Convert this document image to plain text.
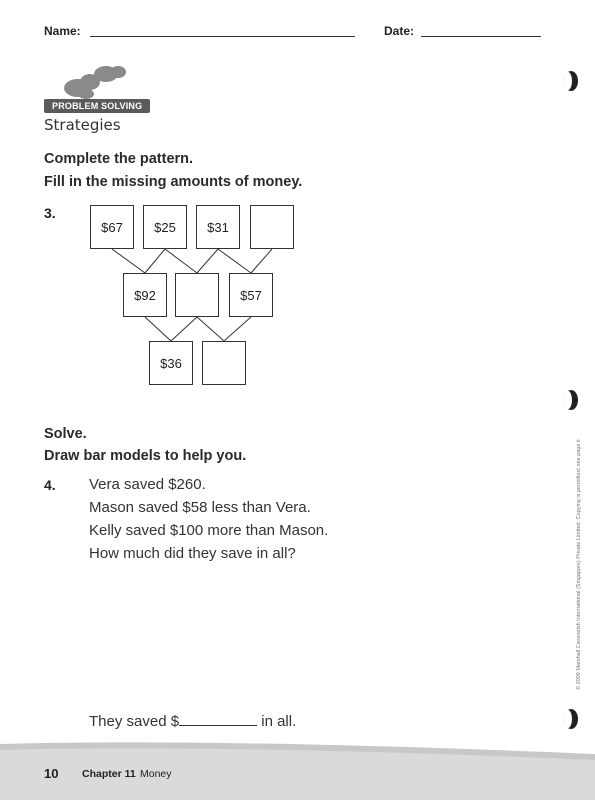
Name:	Date:
PROBLEM SOLVING
Strategies
Complete the pattern.
Fill in the missing amounts of money.
3.
$67	$25	$31
$92	$57
$36
Solve.
Draw bar models to help you.
4. Vera saved $260.
Mason saved $58 less than Vera.
Kelly saved $100 more than Mason.
How much did they save in all?
They saved $	in all.
© 2009 Marshall Cavendish International (Singapore) Private Limited. Copying is permitted; see page ii.
10 Chapter 11 Money
